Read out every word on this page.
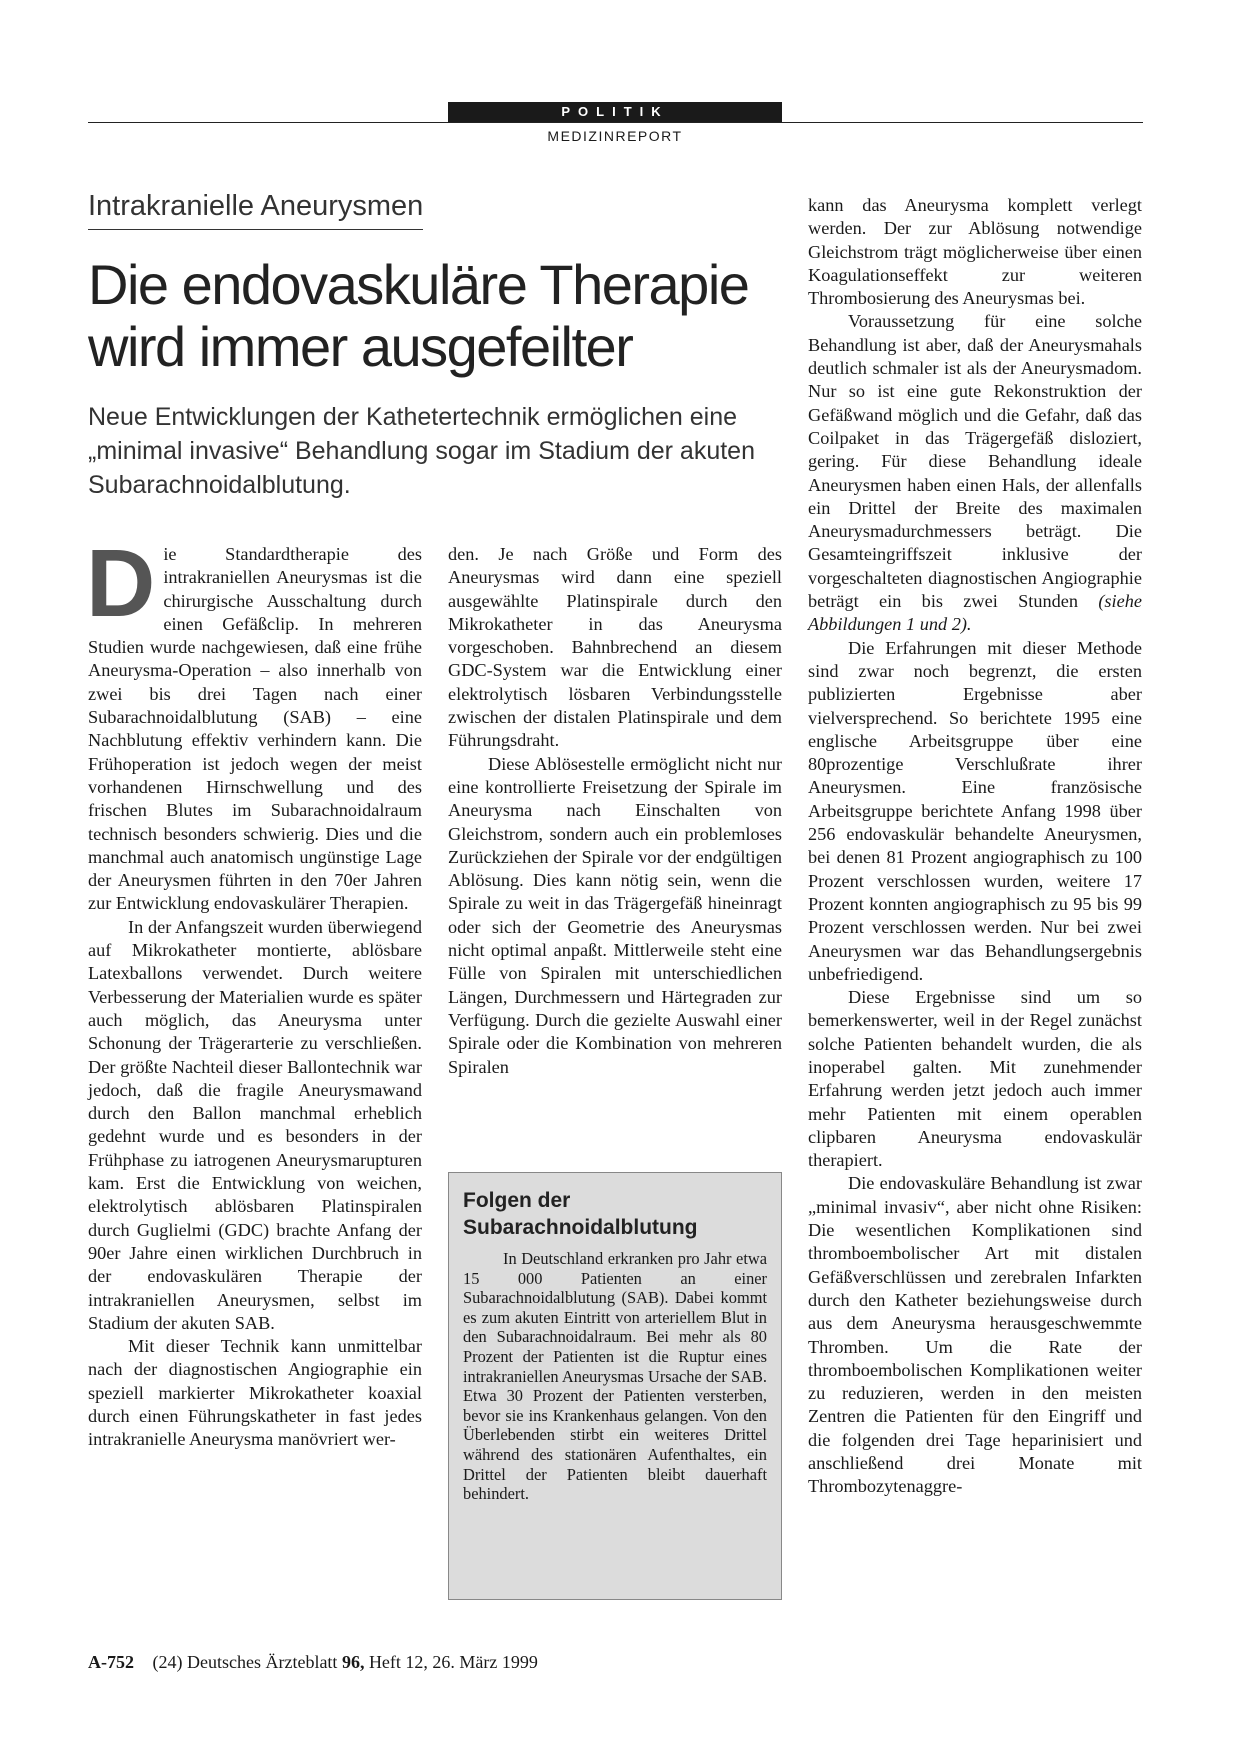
POLITIK
MEDIZINREPORT
Intrakranielle Aneurysmen
Die endovaskuläre Therapie wird immer ausgefeilter

Neue Entwicklungen der Kathetertechnik ermöglichen eine „minimal invasive“ Behandlung sogar im Stadium der akuten Subarachnoidalblutung.

Die Standardtherapie des intrakraniellen Aneurysmas ist die chirurgische Ausschaltung durch einen Gefäßclip. In mehreren Studien wurde nachgewiesen, daß eine frühe Aneurysma-Operation – also innerhalb von zwei bis drei Tagen nach einer Subarachnoidalblutung (SAB) – eine Nachblutung effektiv verhindern kann. Die Frühoperation ist jedoch wegen der meist vorhandenen Hirnschwellung und des frischen Blutes im Subarachnoidalraum technisch besonders schwierig. Dies und die manchmal auch anatomisch ungünstige Lage der Aneurysmen führten in den 70er Jahren zur Entwicklung endovaskulärer Therapien.

In der Anfangszeit wurden überwiegend auf Mikrokatheter montierte, ablösbare Latexballons verwendet. Durch weitere Verbesserung der Materialien wurde es später auch möglich, das Aneurysma unter Schonung der Trägerarterie zu verschließen. Der größte Nachteil dieser Ballontechnik war jedoch, daß die fragile Aneurysmawand durch den Ballon manchmal erheblich gedehnt wurde und es besonders in der Frühphase zu iatrogenen Aneurysmarupturen kam. Erst die Entwicklung von weichen, elektrolytisch ablösbaren Platinspiralen durch Guglielmi (GDC) brachte Anfang der 90er Jahre einen wirklichen Durchbruch in der endovaskulären Therapie der intrakraniellen Aneurysmen, selbst im Stadium der akuten SAB.

Mit dieser Technik kann unmittelbar nach der diagnostischen Angiographie ein speziell markierter Mikrokatheter koaxial durch einen Führungskatheter in fast jedes intrakranielle Aneurysma manövriert wer-

den. Je nach Größe und Form des Aneurysmas wird dann eine speziell ausgewählte Platinspirale durch den Mikrokatheter in das Aneurysma vorgeschoben. Bahnbrechend an diesem GDC-System war die Entwicklung einer elektrolytisch lösbaren Verbindungsstelle zwischen der distalen Platinspirale und dem Führungsdraht.

Diese Ablösestelle ermöglicht nicht nur eine kontrollierte Freisetzung der Spirale im Aneurysma nach Einschalten von Gleichstrom, sondern auch ein problemloses Zurückziehen der Spirale vor der endgültigen Ablösung. Dies kann nötig sein, wenn die Spirale zu weit in das Trägergefäß hineinragt oder sich der Geometrie des Aneurysmas nicht optimal anpaßt. Mittlerweile steht eine Fülle von Spiralen mit unterschiedlichen Längen, Durchmessern und Härtegraden zur Verfügung. Durch die gezielte Auswahl einer Spirale oder die Kombination von mehreren Spiralen

Folgen der Subarachnoidalblutung

In Deutschland erkranken pro Jahr etwa 15 000 Patienten an einer Subarachnoidalblutung (SAB). Dabei kommt es zum akuten Eintritt von arteriellem Blut in den Subarachnoidalraum. Bei mehr als 80 Prozent der Patienten ist die Ruptur eines intrakraniellen Aneurysmas Ursache der SAB. Etwa 30 Prozent der Patienten versterben, bevor sie ins Krankenhaus gelangen. Von den Überlebenden stirbt ein weiteres Drittel während des stationären Aufenthaltes, ein Drittel der Patienten bleibt dauerhaft behindert.

kann das Aneurysma komplett verlegt werden. Der zur Ablösung notwendige Gleichstrom trägt möglicherweise über einen Koagulationseffekt zur weiteren Thrombosierung des Aneurysmas bei.

Voraussetzung für eine solche Behandlung ist aber, daß der Aneurysmahals deutlich schmaler ist als der Aneurysmadom. Nur so ist eine gute Rekonstruktion der Gefäßwand möglich und die Gefahr, daß das Coilpaket in das Trägergefäß disloziert, gering. Für diese Behandlung ideale Aneurysmen haben einen Hals, der allenfalls ein Drittel der Breite des maximalen Aneurysmadurchmessers beträgt. Die Gesamteingriffszeit inklusive der vorgeschalteten diagnostischen Angiographie beträgt ein bis zwei Stunden (siehe Abbildungen 1 und 2).

Die Erfahrungen mit dieser Methode sind zwar noch begrenzt, die ersten publizierten Ergebnisse aber vielversprechend. So berichtete 1995 eine englische Arbeitsgruppe über eine 80prozentige Verschlußrate ihrer Aneurysmen. Eine französische Arbeitsgruppe berichtete Anfang 1998 über 256 endovaskulär behandelte Aneurysmen, bei denen 81 Prozent angiographisch zu 100 Prozent verschlossen wurden, weitere 17 Prozent konnten angiographisch zu 95 bis 99 Prozent verschlossen werden. Nur bei zwei Aneurysmen war das Behandlungsergebnis unbefriedigend.

Diese Ergebnisse sind um so bemerkenswerter, weil in der Regel zunächst solche Patienten behandelt wurden, die als inoperabel galten. Mit zunehmender Erfahrung werden jetzt jedoch auch immer mehr Patienten mit einem operablen clipbaren Aneurysma endovaskulär therapiert.

Die endovaskuläre Behandlung ist zwar „minimal invasiv“, aber nicht ohne Risiken: Die wesentlichen Komplikationen sind thromboembolischer Art mit distalen Gefäßverschlüssen und zerebralen Infarkten durch den Katheter beziehungsweise durch aus dem Aneurysma herausgeschwemmte Thromben. Um die Rate der thromboembolischen Komplikationen weiter zu reduzieren, werden in den meisten Zentren die Patienten für den Eingriff und die folgenden drei Tage heparinisiert und anschließend drei Monate mit Thrombozytenaggre-

A-752 (24) Deutsches Ärzteblatt 96, Heft 12, 26. März 1999
